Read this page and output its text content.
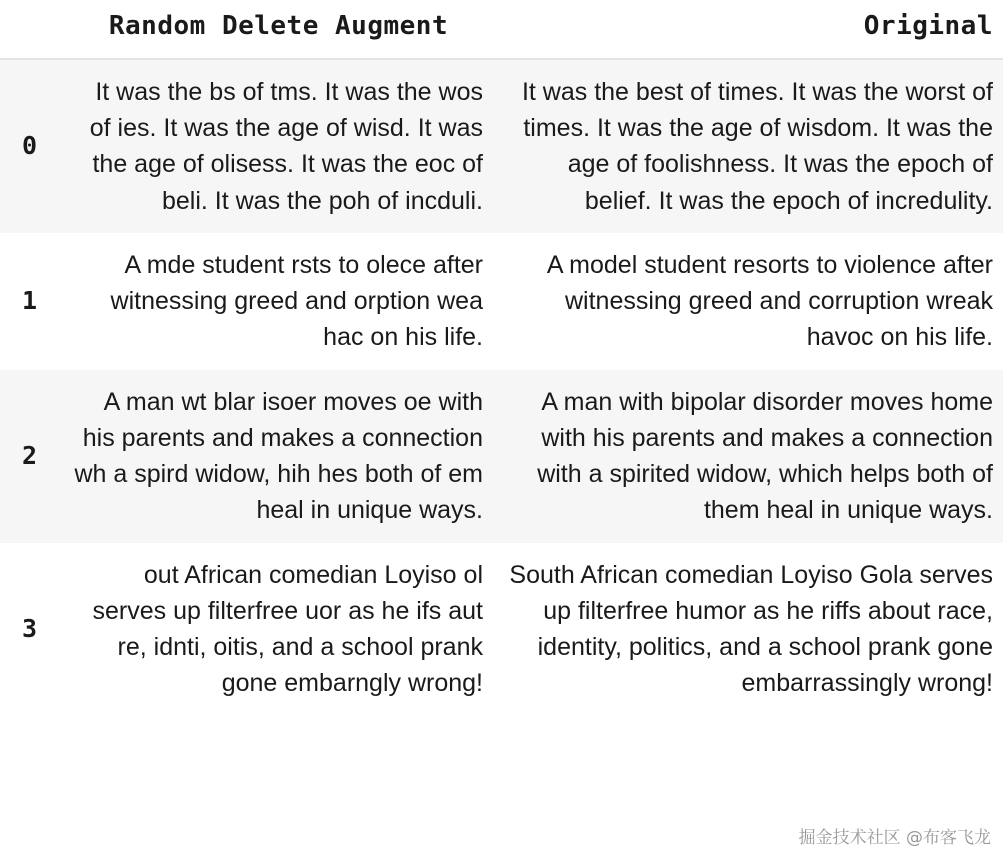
	Random Delete Augment	Original
0	It was the bs of tms. It was the wos of ies. It was the age of wisd. It was the age of olisess. It was the eoc of beli. It was the poh of incduli.	It was the best of times. It was the worst of times. It was the age of wisdom. It was the age of foolishness. It was the epoch of belief. It was the epoch of incredulity.
1	A mde student rsts to olece after witnessing greed and orption wea hac on his life.	A model student resorts to violence after witnessing greed and corruption wreak havoc on his life.
2	A man wt blar isoer moves oe with his parents and makes a connection wh a spird widow, hih hes both of em heal in unique ways.	A man with bipolar disorder moves home with his parents and makes a connection with a spirited widow, which helps both of them heal in unique ways.
3	out African comedian Loyiso ol serves up filterfree uor as he ifs aut re, idnti, oitis, and a school prank gone embarngly wrong!	South African comedian Loyiso Gola serves up filterfree humor as he riffs about race, identity, politics, and a school prank gone embarrassingly wrong!
掘金技术社区 @布客飞龙
